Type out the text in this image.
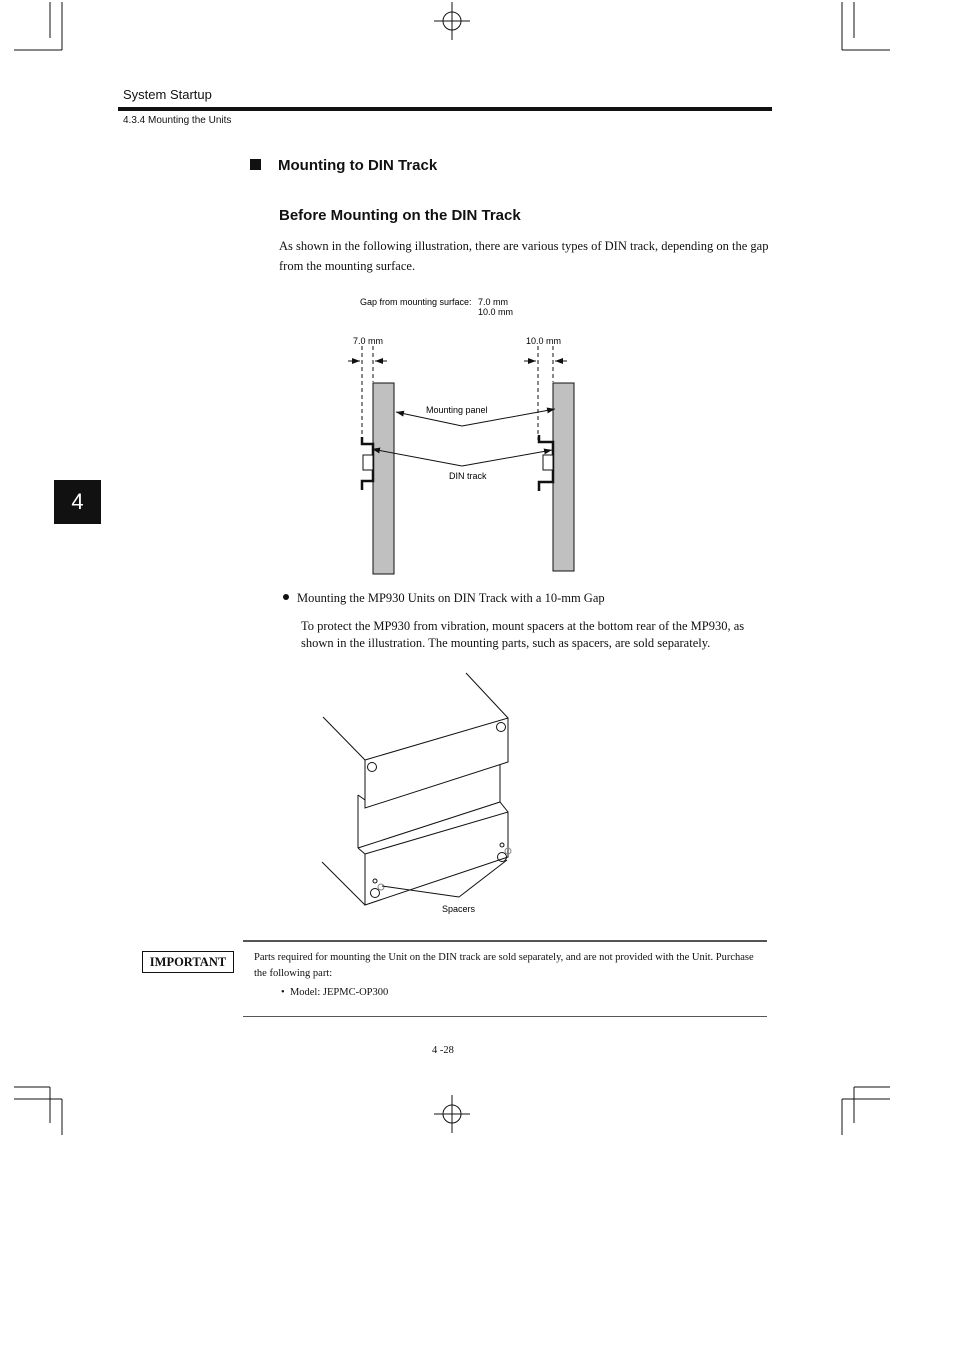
System Startup
4.3.4 Mounting the Units
4
Mounting to DIN Track
Before Mounting on the DIN Track
As shown in the following illustration, there are various types of DIN track, depending on the gap from the mounting surface.
Gap from mounting surface: 7.0 mm
10.0 mm
7.0 mm	10.0 mm
Mounting panel
DIN track
Mounting the MP930 Units on DIN Track with a 10-mm Gap
To protect the MP930 from vibration, mount spacers at the bottom rear of the MP930, as shown in the illustration. The mounting parts, such as spacers, are sold separately.
Spacers
IMPORTANT	Parts required for mounting the Unit on the DIN track are sold separately, and are not provided with the Unit. Purchase the following part:
•  Model: JEPMC-OP300
4 -28
